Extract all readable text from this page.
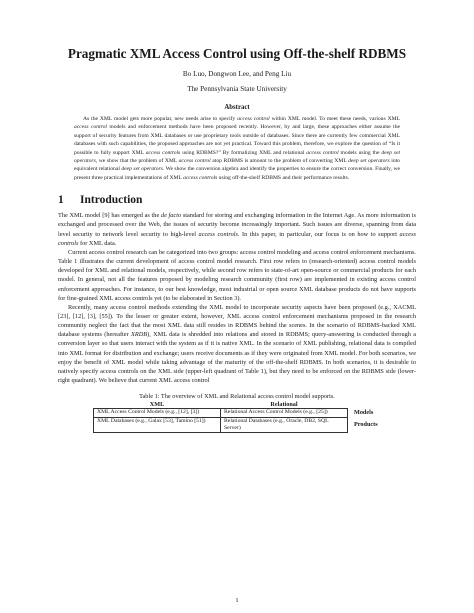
Pragmatic XML Access Control using Off-the-shelf RDBMS
Bo Luo, Dongwon Lee, and Peng Liu
The Pennsylvania State University
Abstract

As the XML model gets more popular, new needs arise to specify access control within XML model. To meet these needs, various XML access control models and enforcement methods have been proposed recently. However, by and large, these approaches either assume the support of security features from XML databases or use proprietary tools outside of databases. Since there are currently few commercial XML databases with such capabilities, the proposed approaches are not yet practical. Toward this problem, therefore, we explore the question of “Is it possible to fully support XML access controls using RDBMS?” By formalizing XML and relational access control models using the deep set operators, we show that the problem of XML access control atop RDBMS is amount to the problem of converting XML deep set operators into equivalent relational deep set operators. We show the conversion algebra and identify the properties to ensure the correct conversion. Finally, we present three practical implementations of XML access controls using off-the-shelf RDBMS and their performance results.

1 Introduction

The XML model [9] has emerged as the de facto standard for storing and exchanging information in the Internet Age. As more information is exchanged and processed over the Web, the issues of security become increasingly important. Such issues are diverse, spanning from data level security to network level security to high-level access controls. In this paper, in particular, our focus is on how to support access controls for XML data.

Current access control research can be categorized into two groups: access control modeling and access control enforcement mechanisms. Table 1 illustrates the current development of access control model research. First row refers to (research-oriented) access control models developed for XML and relational models, respectively, while second row refers to state-of-art open-source or commercial products for each model. In general, not all the features proposed by modeling research community (first row) are implemented in existing access control enforcement approaches. For instance, to our best knowledge, most industrial or open source XML database products do not have supports for fine-grained XML access controls yet (to be elaborated in Section 3).

Recently, many access control methods extending the XML model to incorporate security aspects have been proposed (e.g., XACML [23], [12], [3], [55]). To the lesser or greater extent, however, XML access control enforcement mechanisms proposed in the research community neglect the fact that the most XML data still resides in RDBMS behind the scenes. In the scenario of RDBMS-backed XML database systems (hereafter XRDB), XML data is shredded into relations and stored in RDBMS; query-answering is conducted through a conversion layer so that users interact with the system as if it is native XML. In the scenario of XML publishing, relational data is compiled into XML format for distribution and exchange; users receive documents as if they were originated from XML model. For both scenarios, we enjoy the benefit of XML model while taking advantage of the maturity of the off-the-shelf RDBMS. In both scenarios, it is desirable to natively specify access controls on the XML side (upper-left quadrant of Table 1), but they need to be enforced on the RDBMS side (lower-right quadrant). We believe that current XML access control

Table 1: The overview of XML and Relational access control model supports.
XML	Relational	
XML Access Control Models (e.g., [12], [3])	Relational Access Control Models (e.g., [25])	Models
XML Databases (e.g., Galax [53], Tamino [51])	Relational Databases (e.g., Oracle, DB2, SQL Server)	Products
1
